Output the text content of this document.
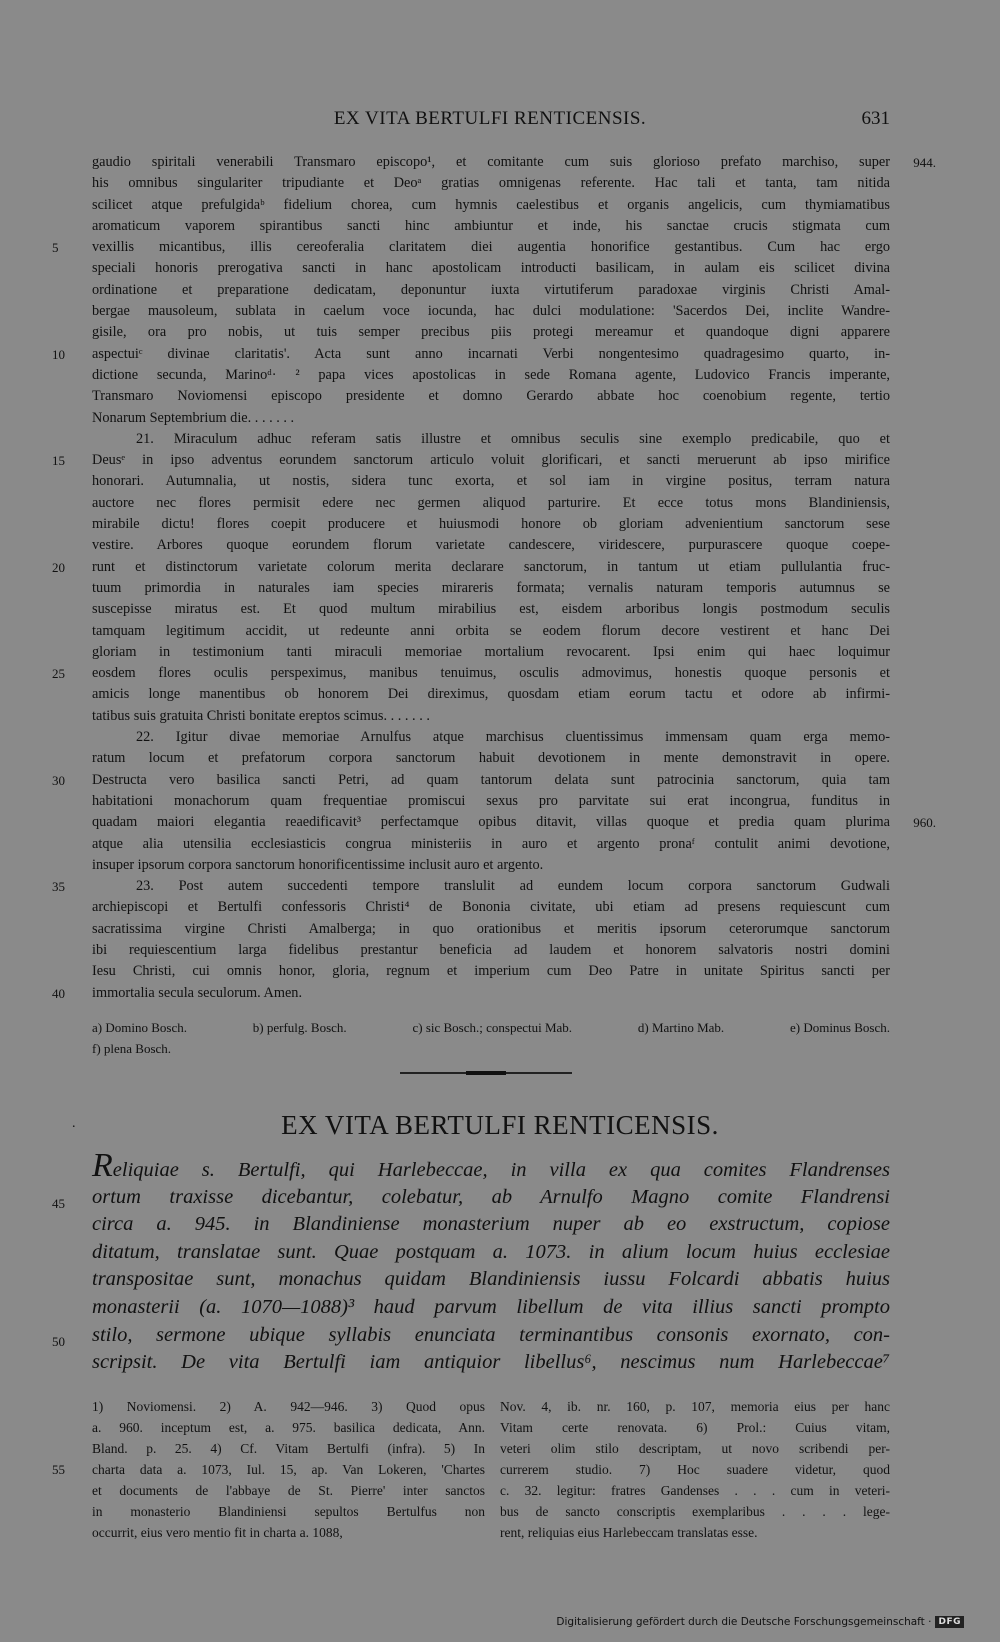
EX VITA BERTULFI RENTICENSIS.	631
gaudio spiritali venerabili Transmaro episcopo¹, et comitante cum suis glorioso prefato marchiso, super 944.
his omnibus singulariter tripudiante et Deoᵃ gratias omnigenas referente. Hac tali et tanta, tam nitida
scilicet atque prefulgidaᵇ fidelium chorea, cum hymnis caelestibus et organis angelicis, cum thymiamatibus
aromaticum vaporem spirantibus sancti hinc ambiuntur et inde, his sanctae crucis stigmata cum
5	vexillis micantibus, illis cereoferalia claritatem diei augentia honorifice gestantibus. Cum hac ergo
speciali honoris prerogativa sancti in hanc apostolicam introducti basilicam, in aulam eis scilicet divina
ordinatione et preparatione dedicatam, deponuntur iuxta virtutiferum paradoxae virginis Christi Amal-
bergae mausoleum, sublata in caelum voce iocunda, hac dulci modulatione: 'Sacerdos Dei, inclite Wandre-
gisile, ora pro nobis, ut tuis semper precibus piis protegi mereamur et quandoque digni apparere
10	aspectuiᶜ divinae claritatis'. Acta sunt anno incarnati Verbi nongentesimo quadragesimo quarto, in-
dictione secunda, Marinoᵈ· ² papa vices apostolicas in sede Romana agente, Ludovico Francis imperante,
Transmaro Noviomensi episcopo presidente et domno Gerardo abbate hoc coenobium regente, tertio
Nonarum Septembrium die. . . . . . .
21. Miraculum adhuc referam satis illustre et omnibus seculis sine exemplo predicabile, quo et
15	Deusᵉ in ipso adventus eorundem sanctorum articulo voluit glorificari, et sancti meruerunt ab ipso mirifice
honorari. Autumnalia, ut nostis, sidera tunc exorta, et sol iam in virgine positus, terram natura
auctore nec flores permisit edere nec germen aliquod parturire. Et ecce totus mons Blandiniensis,
mirabile dictu! flores coepit producere et huiusmodi honore ob gloriam advenientium sanctorum sese
vestire. Arbores quoque eorundem florum varietate candescere, viridescere, purpurascere quoque coepe-
20	runt et distinctorum varietate colorum merita declarare sanctorum, in tantum ut etiam pullulantia fruc-
tuum primordia in naturales iam species mirareris formata; vernalis naturam temporis autumnus se
suscepisse miratus est. Et quod multum mirabilius est, eisdem arboribus longis postmodum seculis
tamquam legitimum accidit, ut redeunte anni orbita se eodem florum decore vestirent et hanc Dei
gloriam in testimonium tanti miraculi memoriae mortalium revocarent. Ipsi enim qui haec loquimur
25	eosdem flores oculis perspeximus, manibus tenuimus, osculis admovimus, honestis quoque personis et
amicis longe manentibus ob honorem Dei direximus, quosdam etiam eorum tactu et odore ab infirmi-
tatibus suis gratuita Christi bonitate ereptos scimus. . . . . . .
22. Igitur divae memoriae Arnulfus atque marchisus cluentissimus immensam quam erga memo-
ratum locum et prefatorum corpora sanctorum habuit devotionem in mente demonstravit in opere.
30	Destructa vero basilica sancti Petri, ad quam tantorum delata sunt patrocinia sanctorum, quia tam
habitationi monachorum quam frequentiae promiscui sexus pro parvitate sui erat incongrua, funditus in
quadam maiori elegantia reaedificavit³ perfectamque opibus ditavit, villas quoque et predia quam plurima 960.
atque alia utensilia ecclesiasticis congrua ministeriis in auro et argento pronaᶠ contulit animi devotione,
insuper ipsorum corpora sanctorum honorificentissime inclusit auro et argento.
35	23. Post autem succedenti tempore translulit ad eundem locum corpora sanctorum Gudwali
archiepiscopi et Bertulfi confessoris Christi⁴ de Bononia civitate, ubi etiam ad presens requiescunt cum
sacratissima virgine Christi Amalberga; in quo orationibus et meritis ipsorum ceterorumque sanctorum
ibi requiescentium larga fidelibus prestantur beneficia ad laudem et honorem salvatoris nostri domini
Iesu Christi, cui omnis honor, gloria, regnum et imperium cum Deo Patre in unitate Spiritus sancti per
40	immortalia secula seculorum. Amen.
a) Domino Bosch.	b) perfulg. Bosch.	c) sic Bosch.; conspectui Mab.	d) Martino Mab.	e) Dominus Bosch.
f) plena Bosch.
.	EX VITA BERTULFI RENTICENSIS.
Reliquiae s. Bertulfi, qui Harlebeccae, in villa ex qua comites Flandrenses
45	ortum traxisse dicebantur, colebatur, ab Arnulfo Magno comite Flandrensi
circa a. 945. in Blandiniense monasterium nuper ab eo exstructum, copiose
ditatum, translatae sunt. Quae postquam a. 1073. in alium locum huius ecclesiae
transpositae sunt, monachus quidam Blandiniensis iussu Folcardi abbatis huius
monasterii (a. 1070—1088)³ haud parvum libellum de vita illius sancti prompto
50	stilo, sermone ubique syllabis enunciata terminantibus consonis exornato, con-
scripsit. De vita Bertulfi iam antiquior libellus⁶, nescimus num Harlebeccae⁷
1) Noviomensi. 2) A. 942—946. 3) Quod opus
a. 960. inceptum est, a. 975. basilica dedicata, Ann.
Bland. p. 25. 4) Cf. Vitam Bertulfi (infra). 5) In
55	charta data a. 1073, Iul. 15, ap. Van Lokeren, 'Chartes
et documents de l'abbaye de St. Pierre' inter sanctos
in monasterio Blandiniensi sepultos Bertulfus non
occurrit, eius vero mentio fit in charta a. 1088,
Nov. 4, ib. nr. 160, p. 107, memoria eius per hanc
Vitam certe renovata. 6) Prol.: Cuius vitam,
veteri olim stilo descriptam, ut novo scribendi per-
currerem studio. 7) Hoc suadere videtur, quod
c. 32. legitur: fratres Gandenses . . . cum in veteri-
bus de sancto conscriptis exemplaribus . . . . lege-
rent, reliquias eius Harlebeccam translatas esse.
Digitalisierung gefördert durch die Deutsche Forschungsgemeinschaft · DFG
